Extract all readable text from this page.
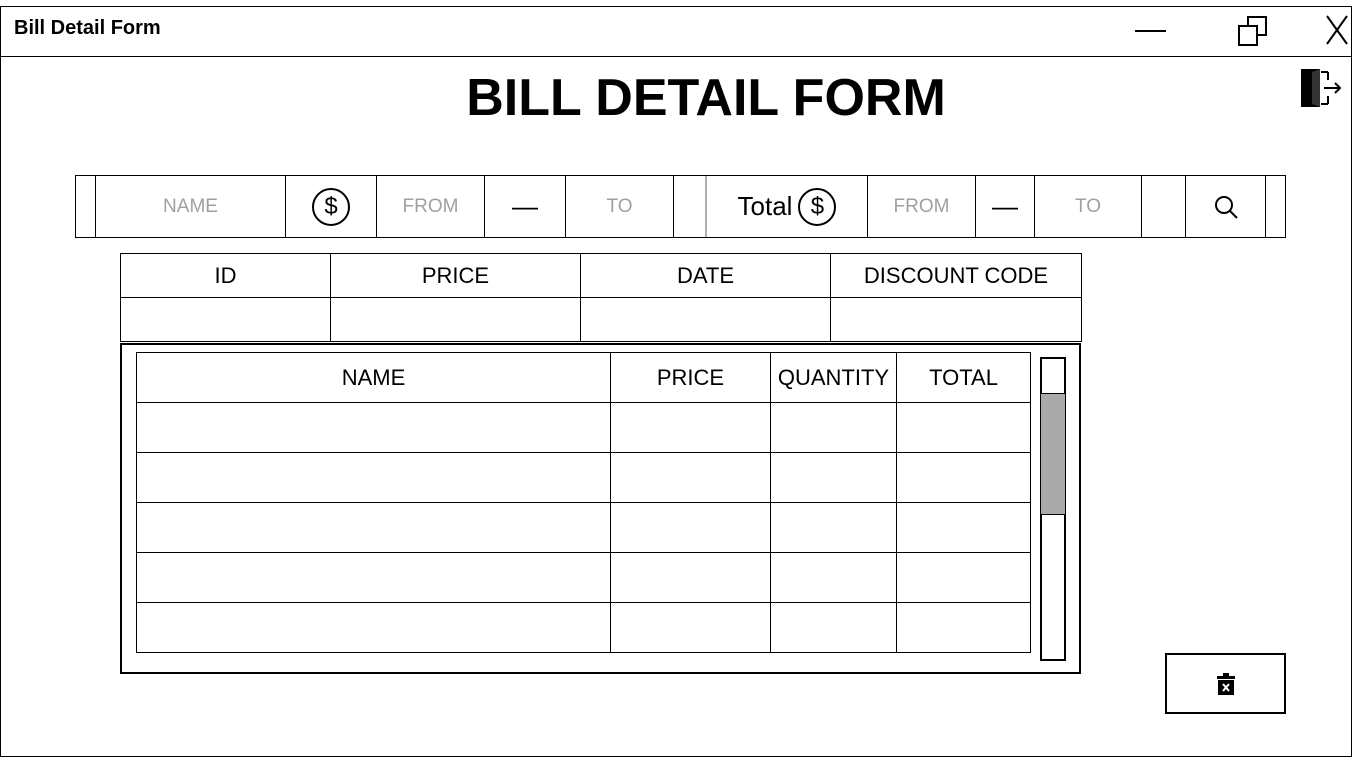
Bill Detail Form
BILL DETAIL FORM
NAME	$	FROM	—	TO	Total $	FROM	—	TO
ID	PRICE	DATE	DISCOUNT CODE

NAME	PRICE	QUANTITY	TOTAL
